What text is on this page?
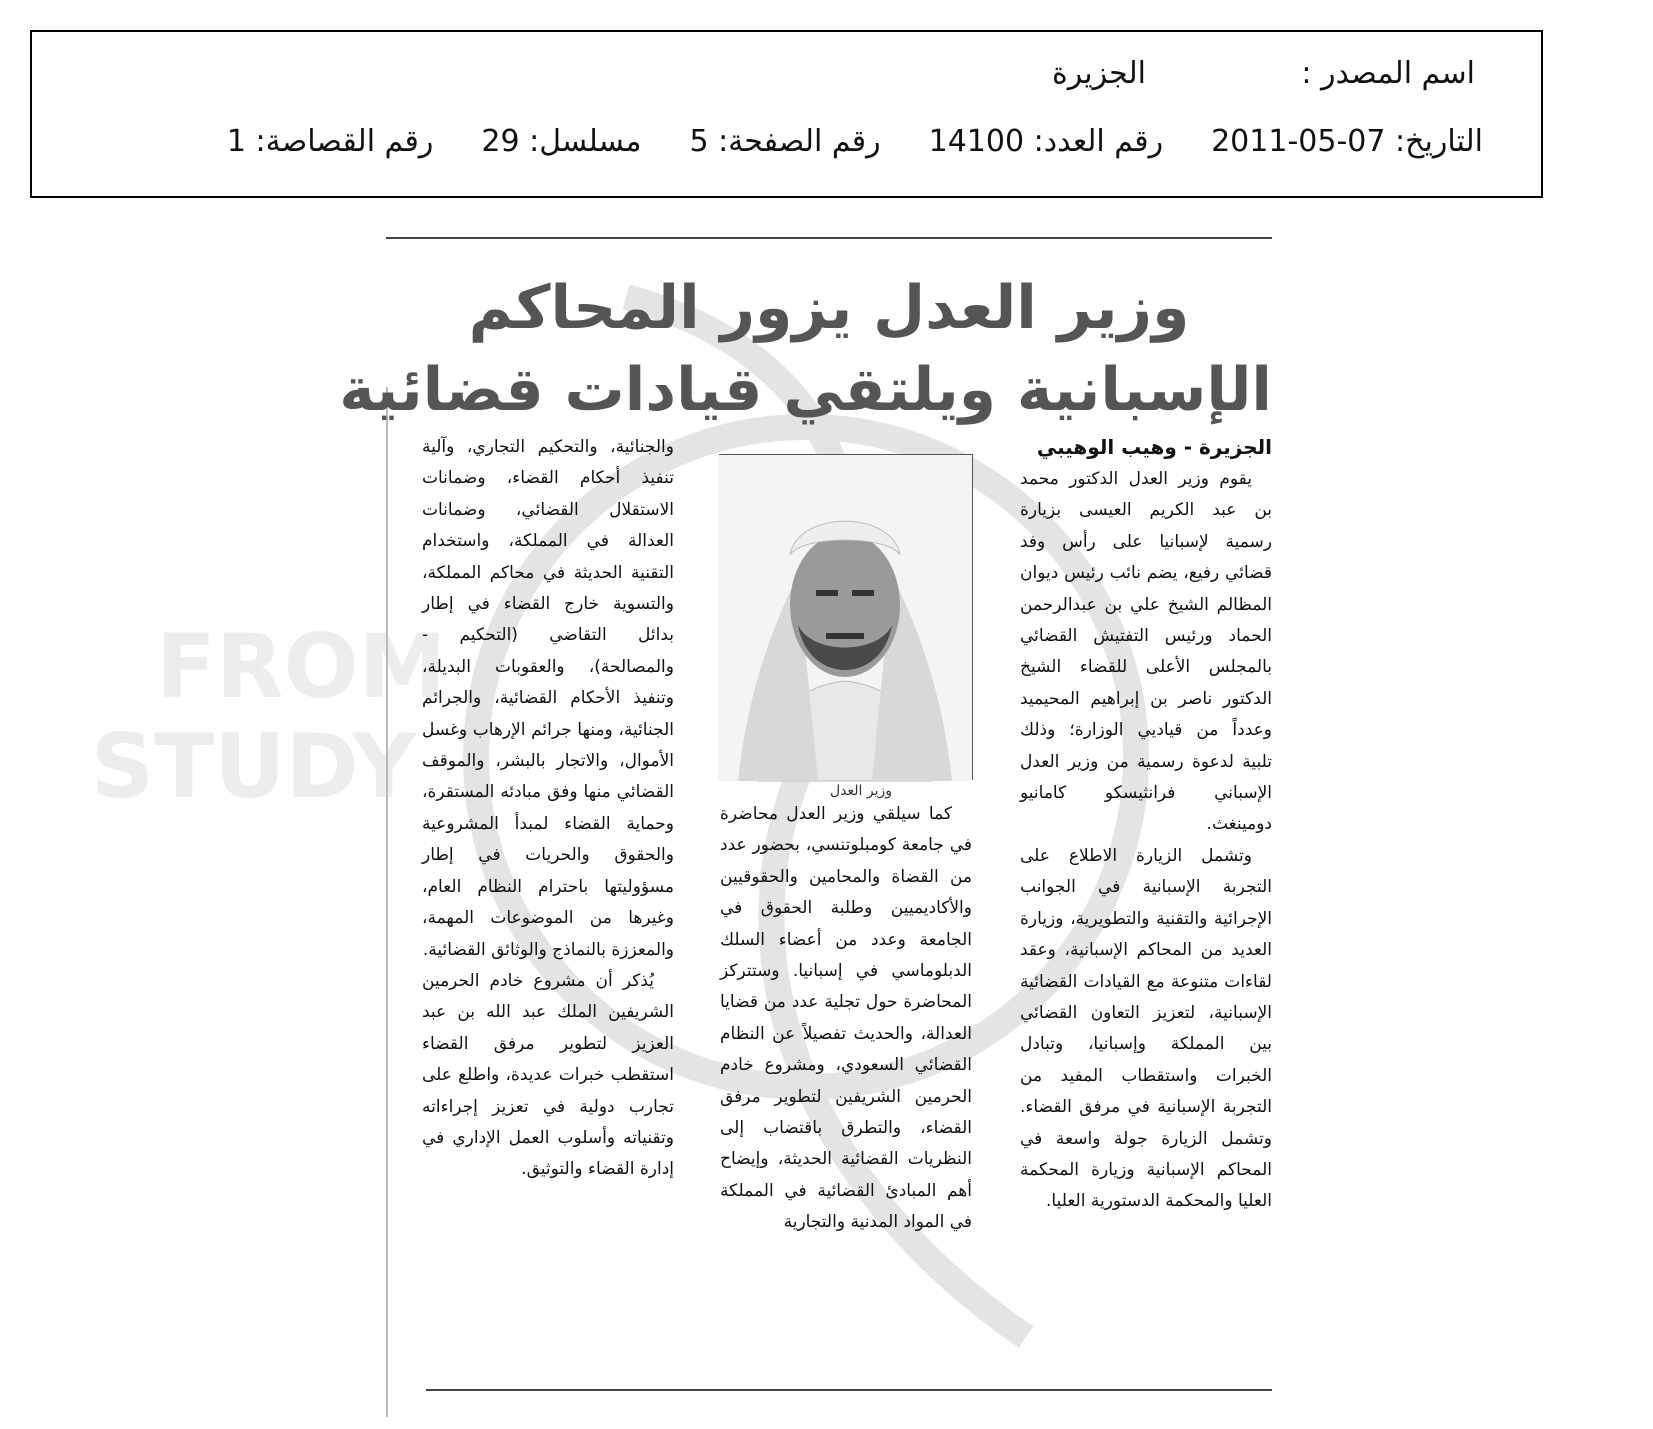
اسم المصدر :
الجزيرة
التاريخ: 07-05-2011رقم العدد: 14100رقم الصفحة: 5مسلسل: 29رقم القصاصة: 1
FROM
STUDY
وزير العدل يزور المحاكم
الإسبانية ويلتقي قيادات قضائية
الجزيرة - وهيب الوهيبي

يقوم وزير العدل الدكتور محمد بن عبد الكريم العيسى بزيارة رسمية لإسبانيا على رأس وفد قضائي رفيع، يضم نائب رئيس ديوان المظالم الشيخ علي بن عبدالرحمن الحماد ورئيس التفتيش القضائي بالمجلس الأعلى للقضاء الشيخ الدكتور ناصر بن إبراهيم المحيميد وعدداً من قياديي الوزارة؛ وذلك تلبية لدعوة رسمية من وزير العدل الإسباني فرانثيسكو كامانيو دومينغث.

وتشمل الزيارة الاطلاع على التجربة الإسبانية في الجوانب الإجرائية والتقنية والتطويرية، وزيارة العديد من المحاكم الإسبانية، وعقد لقاءات متنوعة مع القيادات القضائية الإسبانية، لتعزيز التعاون القضائي بين المملكة وإسبانيا، وتبادل الخبرات واستقطاب المفيد من التجربة الإسبانية في مرفق القضاء. وتشمل الزيارة جولة واسعة في المحاكم الإسبانية وزيارة المحكمة العليا والمحكمة الدستورية العليا.

وزير العدل

كما سيلقي وزير العدل محاضرة في جامعة كومبلوتنسي، بحضور عدد من القضاة والمحامين والحقوقيين والأكاديميين وطلبة الحقوق في الجامعة وعدد من أعضاء السلك الدبلوماسي في إسبانيا. وستتركز المحاضرة حول تجلية عدد من قضايا العدالة، والحديث تفصيلاً عن النظام القضائي السعودي، ومشروع خادم الحرمين الشريفين لتطوير مرفق القضاء، والتطرق باقتضاب إلى النظريات القضائية الحديثة، وإيضاح أهم المبادئ القضائية في المملكة في المواد المدنية والتجارية

والجنائية، والتحكيم التجاري، وآلية تنفيذ أحكام القضاء، وضمانات الاستقلال القضائي، وضمانات العدالة في المملكة، واستخدام التقنية الحديثة في محاكم المملكة، والتسوية خارج القضاء في إطار بدائل التقاضي (التحكيم - والمصالحة)، والعقوبات البديلة، وتنفيذ الأحكام القضائية، والجرائم الجنائية، ومنها جرائم الإرهاب وغسل الأموال، والاتجار بالبشر، والموقف القضائي منها وفق مبادئه المستقرة، وحماية القضاء لمبدأ المشروعية والحقوق والحريات في إطار مسؤوليتها باحترام النظام العام، وغيرها من الموضوعات المهمة، والمعززة بالنماذج والوثائق القضائية.

يُذكر أن مشروع خادم الحرمين الشريفين الملك عبد الله بن عبد العزيز لتطوير مرفق القضاء استقطب خبرات عديدة، واطلع على تجارب دولية في تعزيز إجراءاته وتقنياته وأسلوب العمل الإداري في إدارة القضاء والتوثيق.
